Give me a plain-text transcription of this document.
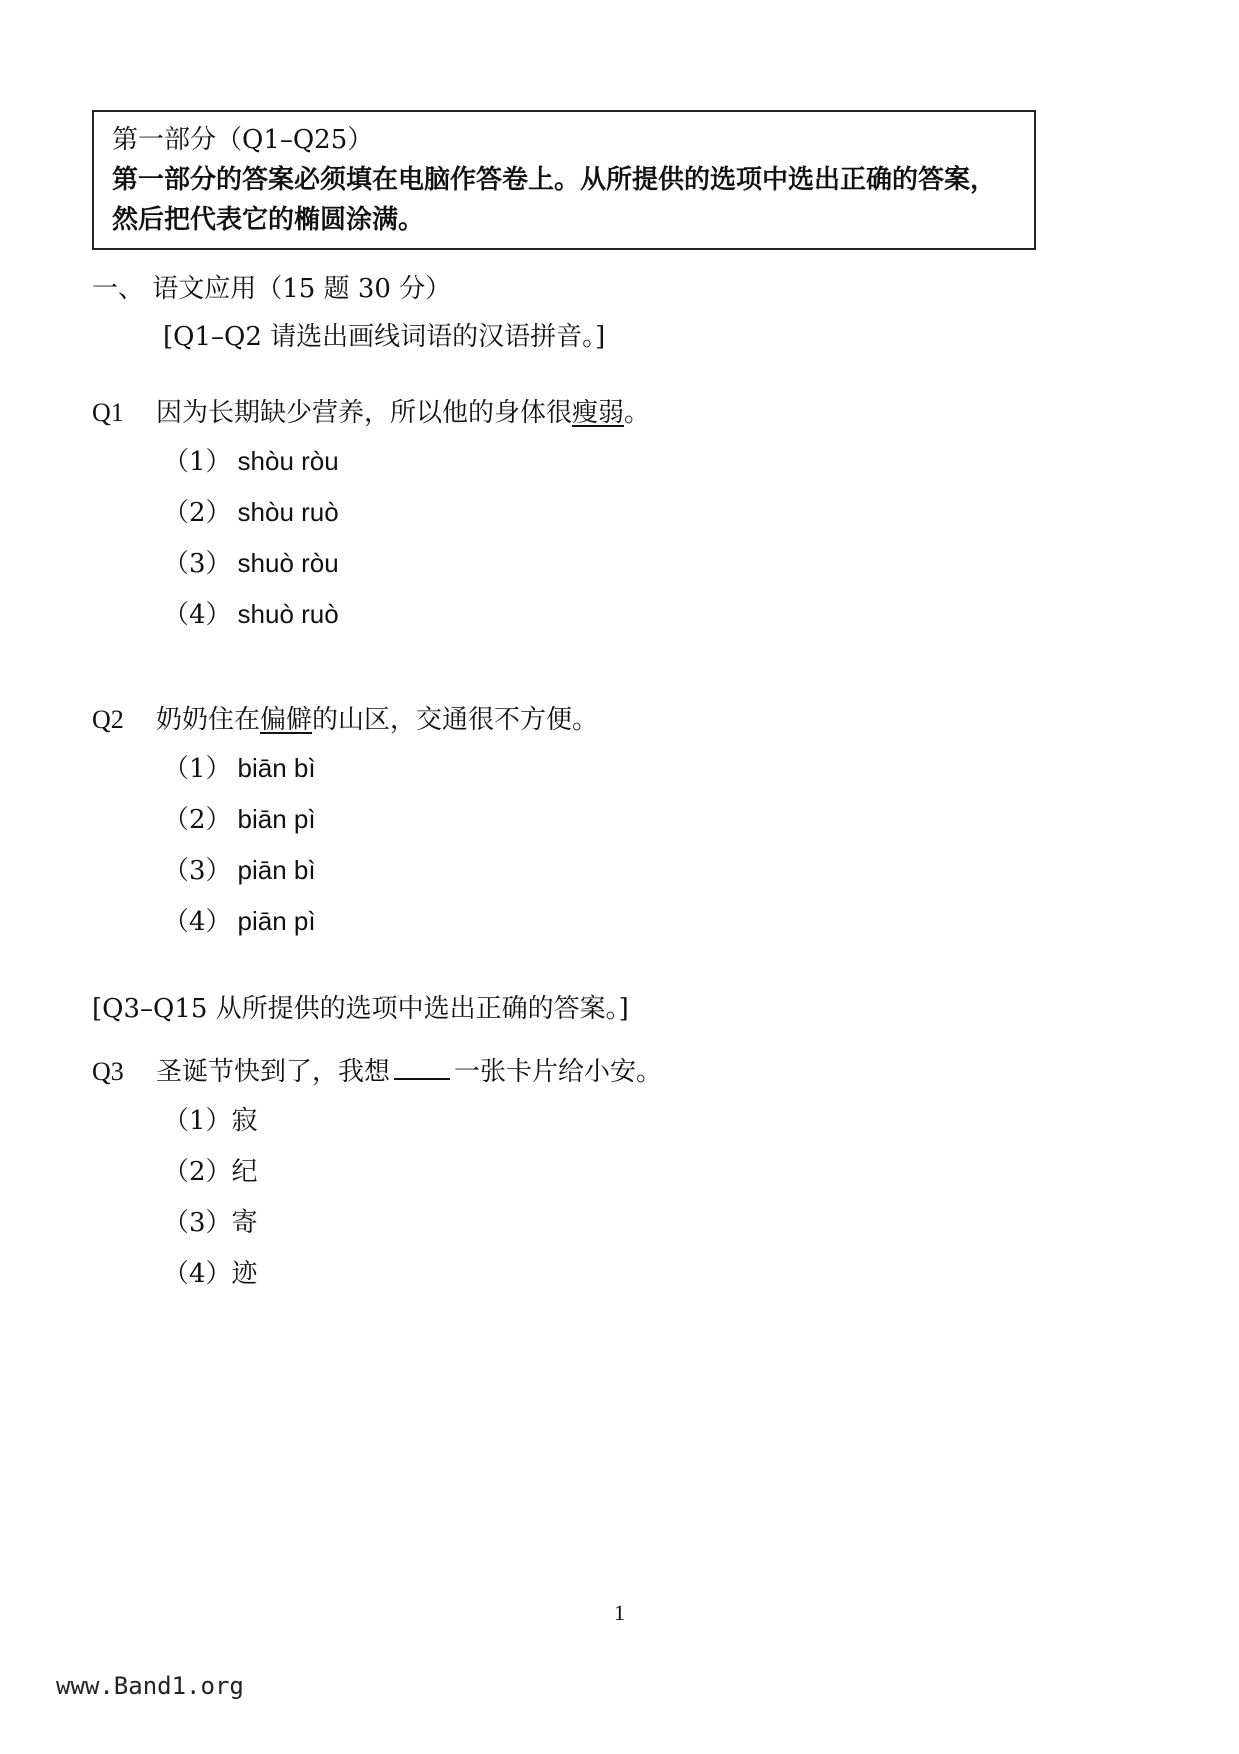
第一部分（Q1–Q25）
第一部分的答案必须填在电脑作答卷上。从所提供的选项中选出正确的答案，然后把代表它的椭圆涂满。
一、 语文应用（15 题 30 分）
[Q1–Q2 请选出画线词语的汉语拼音。]
Q1 因为长期缺少营养，所以他的身体很瘦弱。
（1） shòu ròu
（2） shòu ruò
（3） shuò ròu
（4） shuò ruò
Q2 奶奶住在偏僻的山区，交通很不方便。
（1） biān bì
（2） biān pì
（3） piān bì
（4） piān pì
[Q3–Q15 从所提供的选项中选出正确的答案。]
Q3 圣诞节快到了，我想 一张卡片给小安。
（1）寂
（2）纪
（3）寄
（4）迹
1
www.Band1.org
